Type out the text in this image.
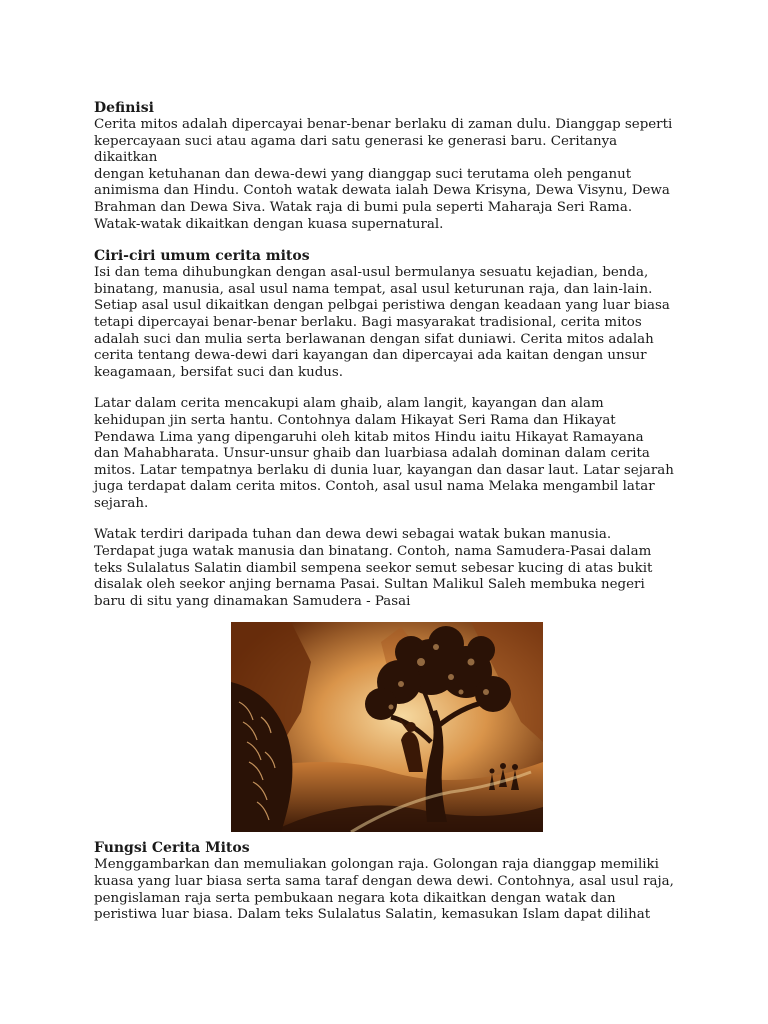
Definisi

Cerita mitos adalah dipercayai benar-benar berlaku di zaman dulu. Dianggap seperti
kepercayaan suci atau agama dari satu generasi ke generasi baru. Ceritanya dikaitkan
dengan ketuhanan dan dewa-dewi yang dianggap suci terutama oleh penganut
animisma dan Hindu. Contoh watak dewata ialah Dewa Krisyna, Dewa Visynu, Dewa
Brahman dan Dewa Siva. Watak raja di bumi pula seperti Maharaja Seri Rama.
Watak-watak dikaitkan dengan kuasa supernatural.

Ciri-ciri umum cerita mitos

Isi dan tema dihubungkan dengan asal-usul bermulanya sesuatu kejadian, benda,
binatang, manusia, asal usul nama tempat, asal usul keturunan raja, dan lain-lain.
Setiap asal usul dikaitkan dengan pelbgai peristiwa dengan keadaan yang luar biasa
tetapi dipercayai benar-benar berlaku. Bagi masyarakat tradisional, cerita mitos
adalah suci dan mulia serta berlawanan dengan sifat duniawi. Cerita mitos adalah
cerita tentang dewa-dewi dari kayangan dan dipercayai ada kaitan dengan unsur
keagamaan, bersifat suci dan kudus.

Latar dalam cerita mencakupi alam ghaib, alam langit, kayangan dan alam
kehidupan jin serta hantu. Contohnya dalam Hikayat Seri Rama dan Hikayat
Pendawa Lima yang dipengaruhi oleh kitab mitos Hindu iaitu Hikayat Ramayana
dan Mahabharata. Unsur-unsur ghaib dan luarbiasa adalah dominan dalam cerita
mitos. Latar tempatnya berlaku di dunia luar, kayangan dan dasar laut. Latar sejarah
juga terdapat dalam cerita mitos. Contoh, asal usul nama Melaka mengambil latar
sejarah.

Watak terdiri daripada tuhan dan dewa dewi sebagai watak bukan manusia.
Terdapat juga watak manusia dan binatang. Contoh, nama Samudera-Pasai dalam
teks Sulalatus Salatin diambil sempena seekor semut sebesar kucing di atas bukit
disalak oleh seekor anjing bernama Pasai. Sultan Malikul Saleh membuka negeri
baru di situ yang dinamakan Samudera - Pasai

Fungsi Cerita Mitos

Menggambarkan dan memuliakan golongan raja. Golongan raja dianggap memiliki
kuasa yang luar biasa serta sama taraf dengan dewa dewi. Contohnya, asal usul raja,
pengislaman raja serta pembukaan negara kota dikaitkan dengan watak dan
peristiwa luar biasa. Dalam teks Sulalatus Salatin, kemasukan Islam dapat dilihat
